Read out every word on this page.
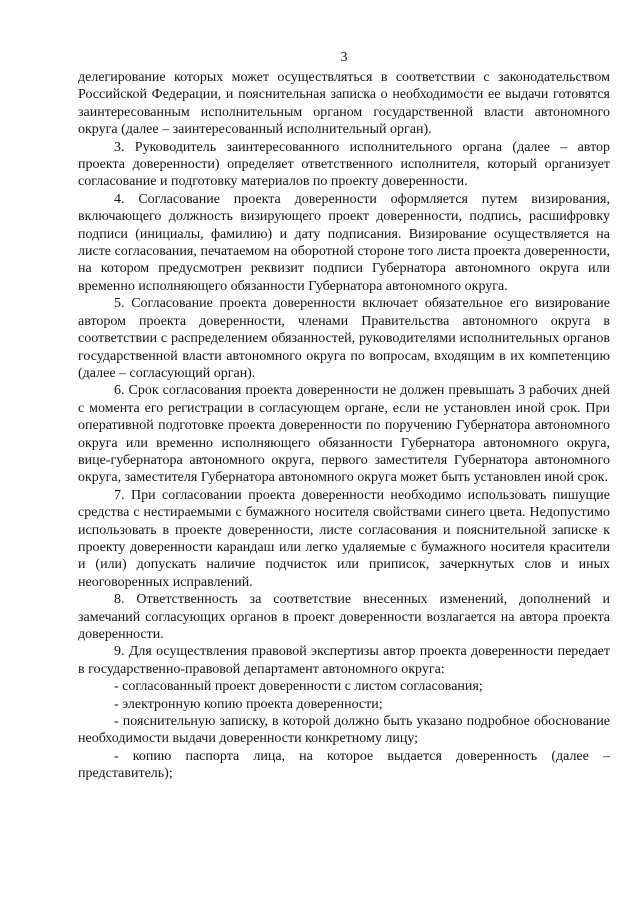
3

делегирование которых может осуществляться в соответствии с законодательством Российской Федерации, и пояснительная записка о необходимости ее выдачи готовятся заинтересованным исполнительным органом государственной власти автономного округа (далее – заинтересованный исполнительный орган).

3. Руководитель заинтересованного исполнительного органа (далее – автор проекта доверенности) определяет ответственного исполнителя, который организует согласование и подготовку материалов по проекту доверенности.

4. Согласование проекта доверенности оформляется путем визирования, включающего должность визирующего проект доверенности, подпись, расшифровку подписи (инициалы, фамилию) и дату подписания. Визирование осуществляется на листе согласования, печатаемом на оборотной стороне того листа проекта доверенности, на котором предусмотрен реквизит подписи Губернатора автономного округа или временно исполняющего обязанности Губернатора автономного округа.

5. Согласование проекта доверенности включает обязательное его визирование автором проекта доверенности, членами Правительства автономного округа в соответствии с распределением обязанностей, руководителями исполнительных органов государственной власти автономного округа по вопросам, входящим в их компетенцию (далее – согласующий орган).

6. Срок согласования проекта доверенности не должен превышать 3 рабочих дней с момента его регистрации в согласующем органе, если не установлен иной срок. При оперативной подготовке проекта доверенности по поручению Губернатора автономного округа или временно исполняющего обязанности Губернатора автономного округа, вице-губернатора автономного округа, первого заместителя Губернатора автономного округа, заместителя Губернатора автономного округа может быть установлен иной срок.

7. При согласовании проекта доверенности необходимо использовать пишущие средства с нестираемыми с бумажного носителя свойствами синего цвета. Недопустимо использовать в проекте доверенности, листе согласования и пояснительной записке к проекту доверенности карандаш или легко удаляемые с бумажного носителя красители и (или) допускать наличие подчисток или приписок, зачеркнутых слов и иных неоговоренных исправлений.

8. Ответственность за соответствие внесенных изменений, дополнений и замечаний согласующих органов в проект доверенности возлагается на автора проекта доверенности.

9. Для осуществления правовой экспертизы автор проекта доверенности передает в государственно-правовой департамент автономного округа:

- согласованный проект доверенности с листом согласования;

- электронную копию проекта доверенности;

- пояснительную записку, в которой должно быть указано подробное обоснование необходимости выдачи доверенности конкретному лицу;

- копию паспорта лица, на которое выдается доверенность (далее – представитель);
